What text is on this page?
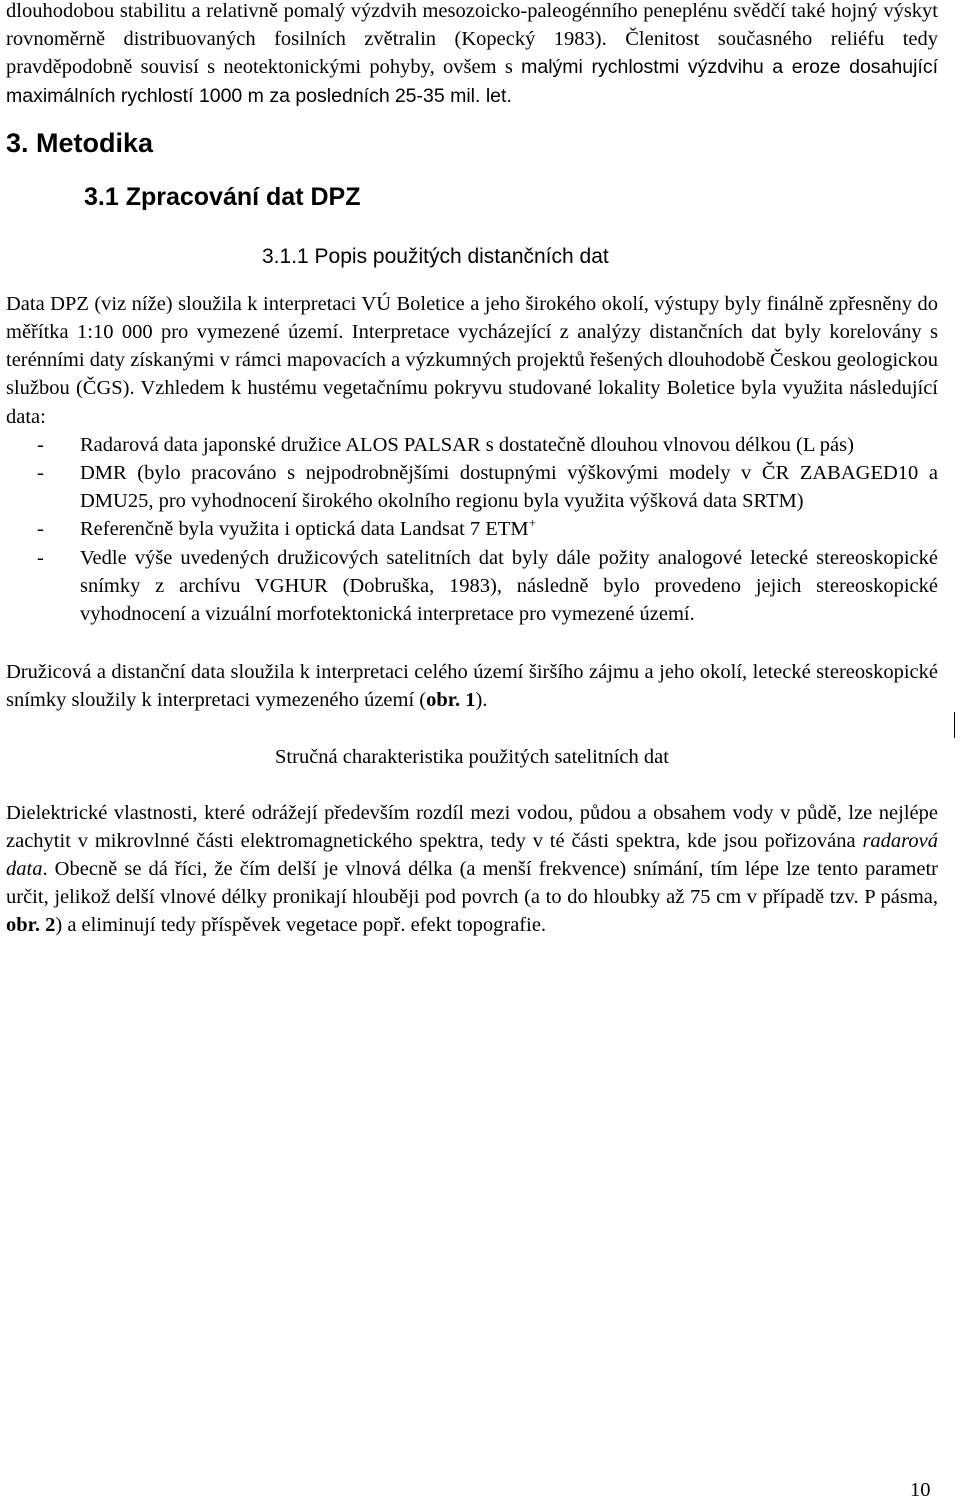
dlouhodobou stabilitu a relativně pomalý výzdvih mesozoicko-paleogénního peneplénu svědčí také hojný výskyt rovnoměrně distribuovaných fosilních zvětralin (Kopecký 1983). Členitost současného reliéfu tedy pravděpodobně souvisí s neotektonickými pohyby, ovšem s malými rychlostmi výzdvihu a eroze dosahující maximálních rychlostí 1000 m za posledních 25-35 mil. let.

3. Metodika
3.1 Zpracování dat DPZ
3.1.1 Popis použitých distančních dat

Data DPZ (viz níže) sloužila k interpretaci VÚ Boletice a jeho širokého okolí, výstupy byly finálně zpřesněny do měřítka 1:10 000 pro vymezené území. Interpretace vycházející z analýzy distančních dat byly korelovány s terénními daty získanými v rámci mapovacích a výzkumných projektů řešených dlouhodobě Českou geologickou službou (ČGS). Vzhledem k hustému vegetačnímu pokryvu studované lokality Boletice byla využita následující data:

- Radarová data japonské družice ALOS PALSAR s dostatečně dlouhou vlnovou délkou (L pás)
- DMR (bylo pracováno s nejpodrobnějšími dostupnými výškovými modely v ČR ZABAGED10 a DMU25, pro vyhodnocení širokého okolního regionu byla využita výšková data SRTM)
- Referenčně byla využita i optická data Landsat 7 ETM+
- Vedle výše uvedených družicových satelitních dat byly dále požity analogové letecké stereoskopické snímky z archívu VGHUR (Dobruška, 1983), následně bylo provedeno jejich stereoskopické vyhodnocení a vizuální morfotektonická interpretace pro vymezené území.

Družicová a distanční data sloužila k interpretaci celého území širšího zájmu a jeho okolí, letecké stereoskopické snímky sloužily k interpretaci vymezeného území (obr. 1).

Stručná charakteristika použitých satelitních dat

Dielektrické vlastnosti, které odrážejí především rozdíl mezi vodou, půdou a obsahem vody v půdě, lze nejlépe zachytit v mikrovlnné části elektromagnetického spektra, tedy v té části spektra, kde jsou pořizována radarová data. Obecně se dá říci, že čím delší je vlnová délka (a menší frekvence) snímání, tím lépe lze tento parametr určit, jelikož delší vlnové délky pronikají hlouběji pod povrch (a to do hloubky až 75 cm v případě tzv. P pásma, obr. 2) a eliminují tedy příspěvek vegetace popř. efekt topografie.

10
